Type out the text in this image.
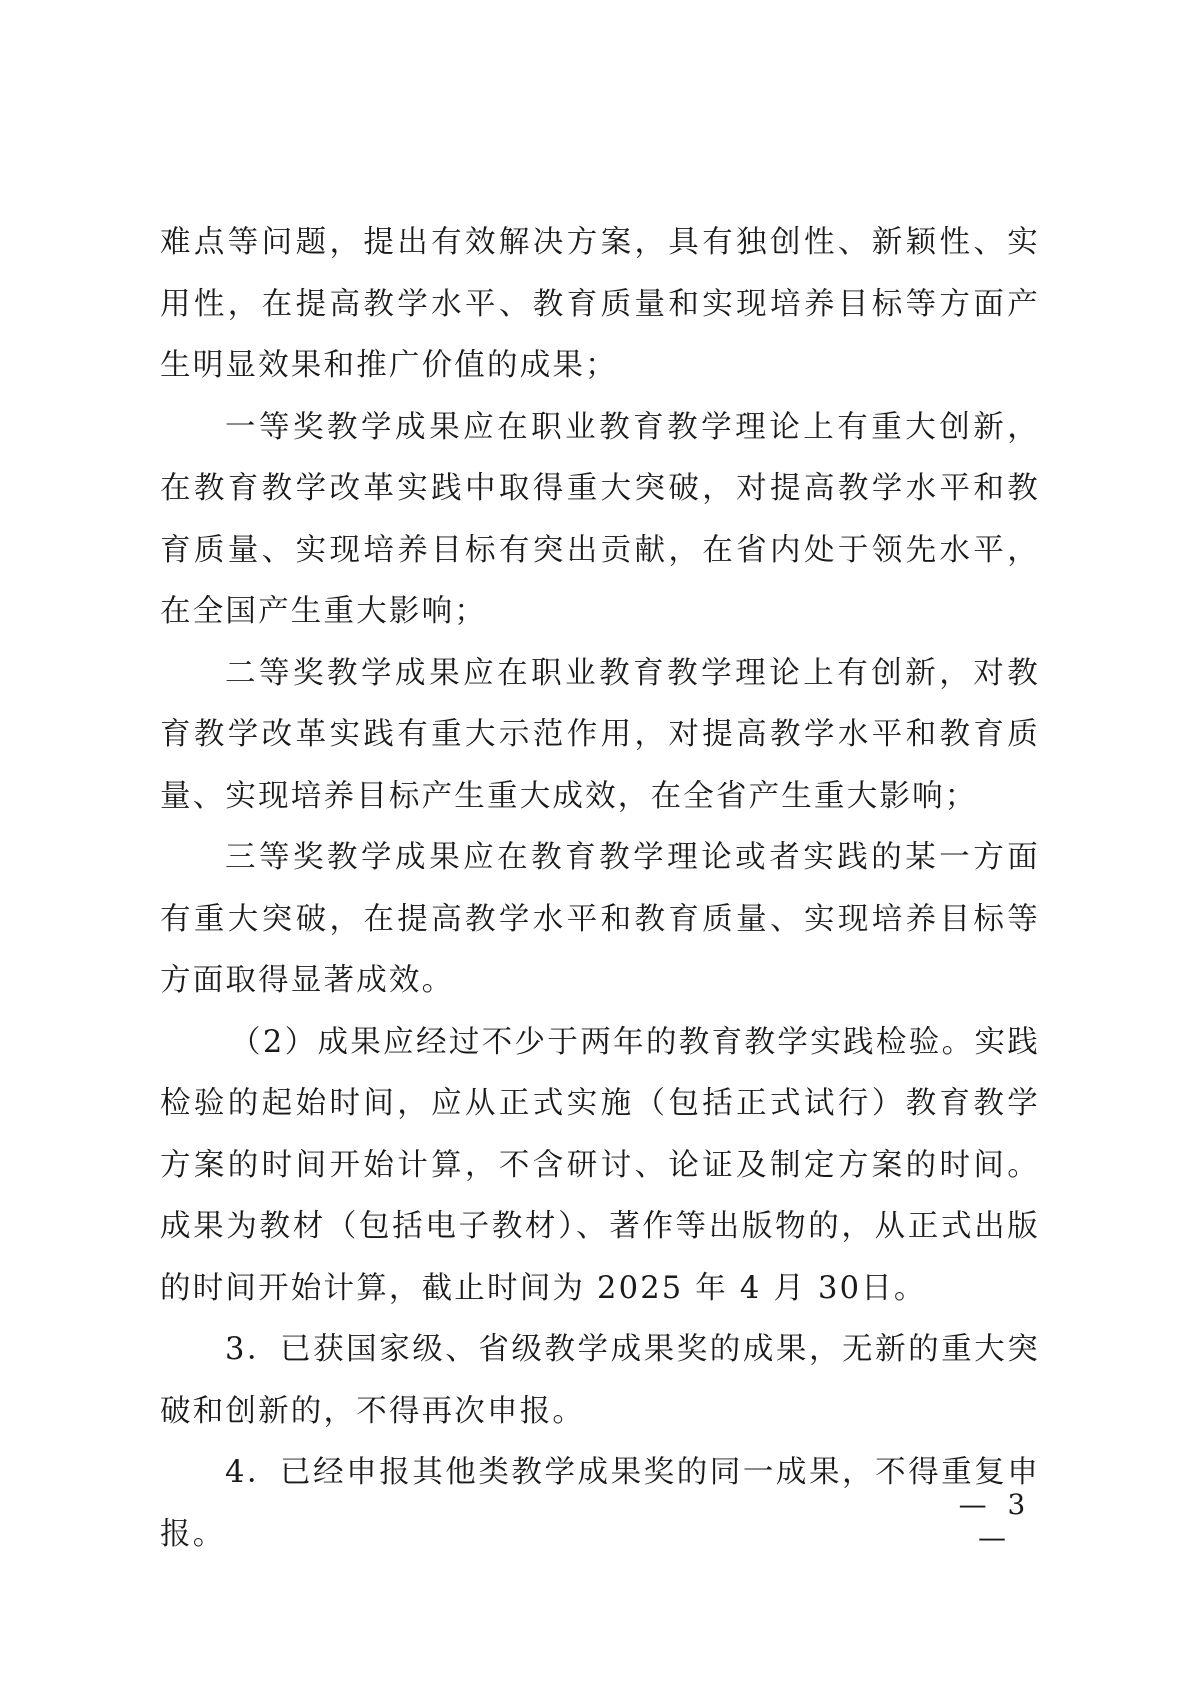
难点等问题，提出有效解决方案，具有独创性、新颖性、实用性，在提高教学水平、教育质量和实现培养目标等方面产生明显效果和推广价值的成果；

一等奖教学成果应在职业教育教学理论上有重大创新，在教育教学改革实践中取得重大突破，对提高教学水平和教育质量、实现培养目标有突出贡献，在省内处于领先水平，在全国产生重大影响；

二等奖教学成果应在职业教育教学理论上有创新，对教育教学改革实践有重大示范作用，对提高教学水平和教育质量、实现培养目标产生重大成效，在全省产生重大影响；

三等奖教学成果应在教育教学理论或者实践的某一方面有重大突破，在提高教学水平和教育质量、实现培养目标等方面取得显著成效。

（2）成果应经过不少于两年的教育教学实践检验。实践检验的起始时间，应从正式实施（包括正式试行）教育教学方案的时间开始计算，不含研讨、论证及制定方案的时间。成果为教材（包括电子教材）、著作等出版物的，从正式出版的时间开始计算，截止时间为 2025 年 4 月 30日。

3．已获国家级、省级教学成果奖的成果，无新的重大突破和创新的，不得再次申报。

4．已经申报其他类教学成果奖的同一成果，不得重复申报。

— 3 —
